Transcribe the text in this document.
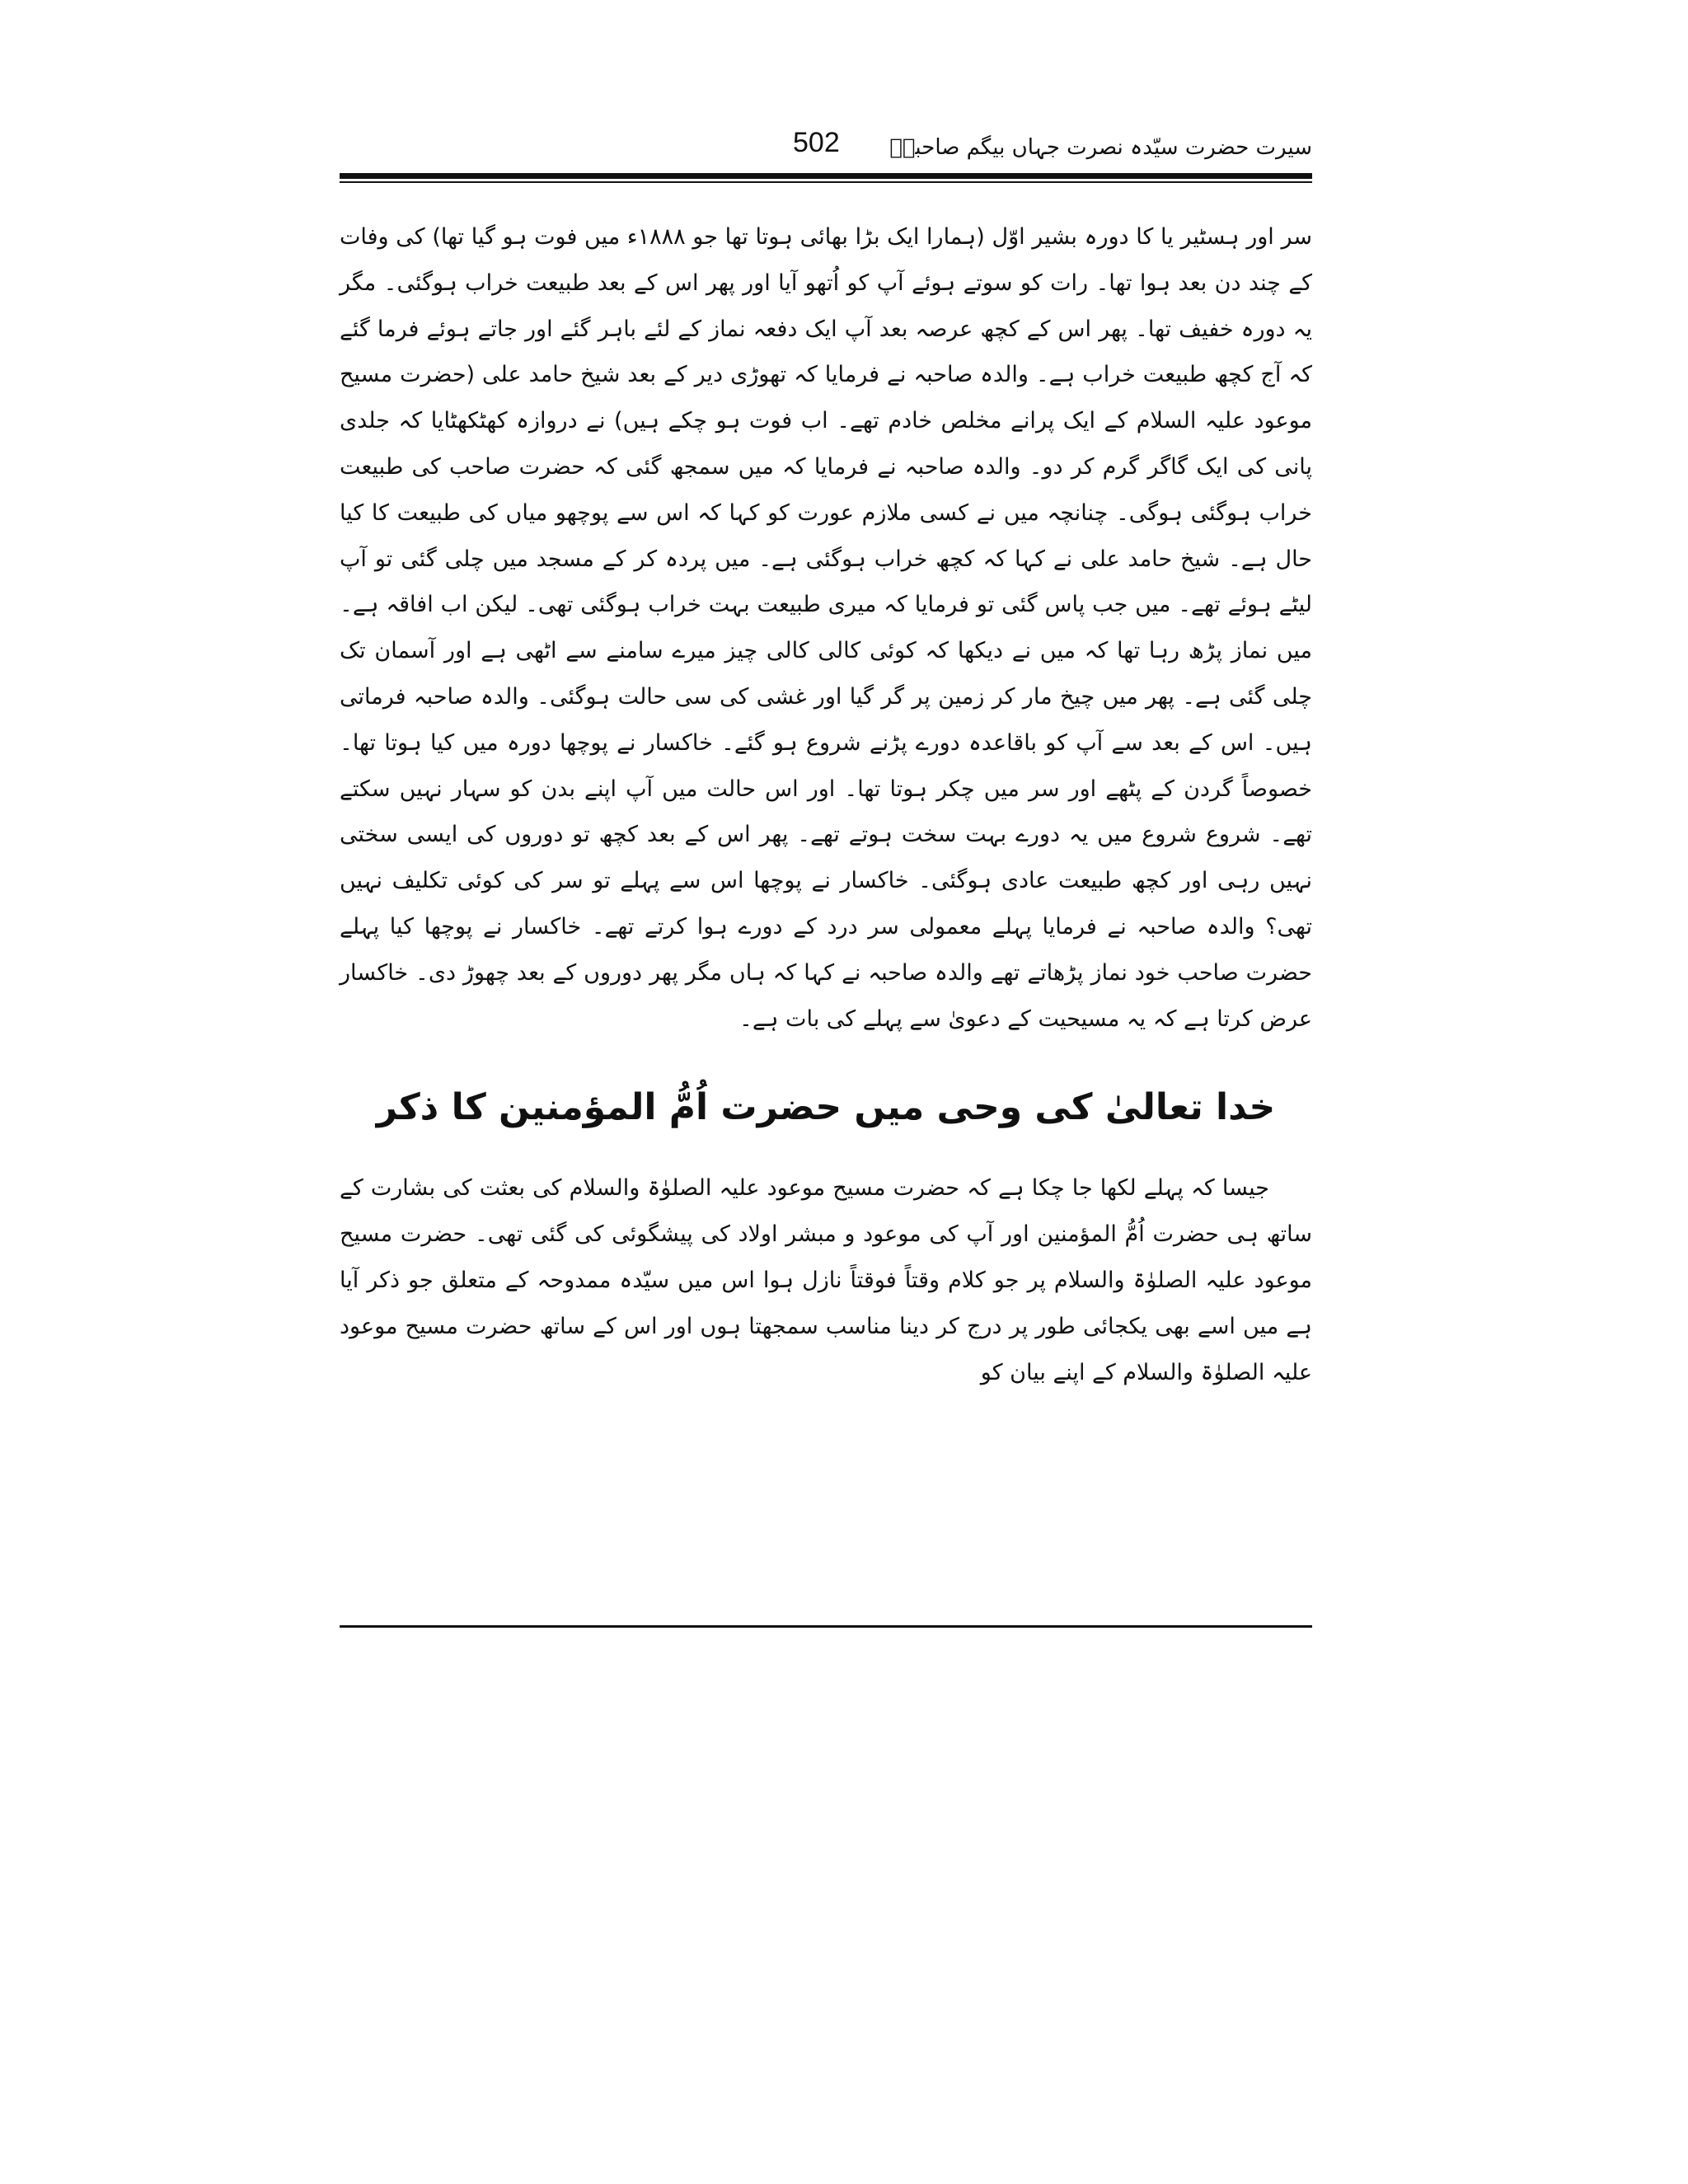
سیرت حضرت سیّدہ نصرت جہاں بیگم صاحبہؓ
502

سر اور ہسٹیر یا کا دورہ بشیر اوّل (ہمارا ایک بڑا بھائی ہوتا تھا جو ۱۸۸۸ء میں فوت ہو گیا تھا) کی وفات کے چند دن بعد ہوا تھا۔ رات کو سوتے ہوئے آپ کو اُتھو آیا اور پھر اس کے بعد طبیعت خراب ہوگئی۔ مگر یہ دورہ خفیف تھا۔ پھر اس کے کچھ عرصہ بعد آپ ایک دفعہ نماز کے لئے باہر گئے اور جاتے ہوئے فرما گئے کہ آج کچھ طبیعت خراب ہے۔ والدہ صاحبہ نے فرمایا کہ تھوڑی دیر کے بعد شیخ حامد علی (حضرت مسیح موعود علیہ السلام کے ایک پرانے مخلص خادم تھے۔ اب فوت ہو چکے ہیں) نے دروازہ کھٹکھٹایا کہ جلدی پانی کی ایک گاگر گرم کر دو۔ والدہ صاحبہ نے فرمایا کہ میں سمجھ گئی کہ حضرت صاحب کی طبیعت خراب ہوگئی ہوگی۔ چنانچہ میں نے کسی ملازم عورت کو کہا کہ اس سے پوچھو میاں کی طبیعت کا کیا حال ہے۔ شیخ حامد علی نے کہا کہ کچھ خراب ہوگئی ہے۔ میں پردہ کر کے مسجد میں چلی گئی تو آپ لیٹے ہوئے تھے۔ میں جب پاس گئی تو فرمایا کہ میری طبیعت بہت خراب ہوگئی تھی۔ لیکن اب افاقہ ہے۔ میں نماز پڑھ رہا تھا کہ میں نے دیکھا کہ کوئی کالی کالی چیز میرے سامنے سے اٹھی ہے اور آسمان تک چلی گئی ہے۔ پھر میں چیخ مار کر زمین پر گر گیا اور غشی کی سی حالت ہوگئی۔ والدہ صاحبہ فرماتی ہیں۔ اس کے بعد سے آپ کو باقاعدہ دورے پڑنے شروع ہو گئے۔ خاکسار نے پوچھا دورہ میں کیا ہوتا تھا۔ خصوصاً گردن کے پٹھے اور سر میں چکر ہوتا تھا۔ اور اس حالت میں آپ اپنے بدن کو سہار نہیں سکتے تھے۔ شروع شروع میں یہ دورے بہت سخت ہوتے تھے۔ پھر اس کے بعد کچھ تو دوروں کی ایسی سختی نہیں رہی اور کچھ طبیعت عادی ہوگئی۔ خاکسار نے پوچھا اس سے پہلے تو سر کی کوئی تکلیف نہیں تھی؟ والدہ صاحبہ نے فرمایا پہلے معمولی سر درد کے دورے ہوا کرتے تھے۔ خاکسار نے پوچھا کیا پہلے حضرت صاحب خود نماز پڑھاتے تھے والدہ صاحبہ نے کہا کہ ہاں مگر پھر دوروں کے بعد چھوڑ دی۔ خاکسار عرض کرتا ہے کہ یہ مسیحیت کے دعویٰ سے پہلے کی بات ہے۔

خدا تعالیٰ کی وحی میں حضرت اُمُّ المؤمنین کا ذکر

جیسا کہ پہلے لکھا جا چکا ہے کہ حضرت مسیح موعود علیہ الصلوٰۃ والسلام کی بعثت کی بشارت کے ساتھ ہی حضرت اُمُّ المؤمنین اور آپ کی موعود و مبشر اولاد کی پیشگوئی کی گئی تھی۔ حضرت مسیح موعود علیہ الصلوٰۃ والسلام پر جو کلام وقتاً فوقتاً نازل ہوا اس میں سیّدہ ممدوحہ کے متعلق جو ذکر آیا ہے میں اسے بھی یکجائی طور پر درج کر دینا مناسب سمجھتا ہوں اور اس کے ساتھ حضرت مسیح موعود علیہ الصلوٰۃ والسلام کے اپنے بیان کو
